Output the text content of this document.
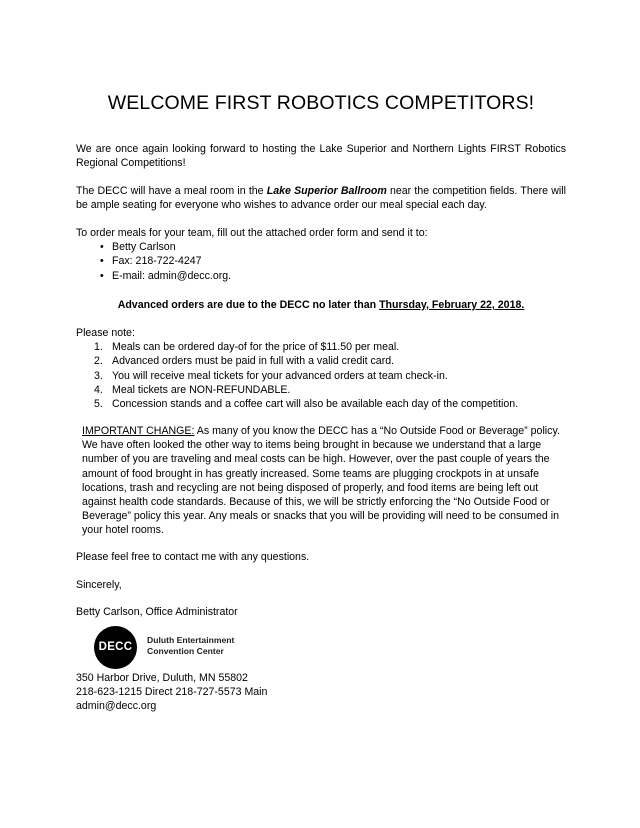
WELCOME FIRST ROBOTICS COMPETITORS!
We are once again looking forward to hosting the Lake Superior and Northern Lights FIRST Robotics Regional Competitions!
The DECC will have a meal room in the Lake Superior Ballroom near the competition fields. There will be ample seating for everyone who wishes to advance order our meal special each day.
To order meals for your team, fill out the attached order form and send it to:
• Betty Carlson
• Fax: 218-722-4247
• E-mail: admin@decc.org.
Advanced orders are due to the DECC no later than Thursday, February 22, 2018.
Please note:
1. Meals can be ordered day-of for the price of $11.50 per meal.
2. Advanced orders must be paid in full with a valid credit card.
3. You will receive meal tickets for your advanced orders at team check-in.
4. Meal tickets are NON-REFUNDABLE.
5. Concession stands and a coffee cart will also be available each day of the competition.
IMPORTANT CHANGE: As many of you know the DECC has a “No Outside Food or Beverage” policy. We have often looked the other way to items being brought in because we understand that a large number of you are traveling and meal costs can be high. However, over the past couple of years the amount of food brought in has greatly increased. Some teams are plugging crockpots in at unsafe locations, trash and recycling are not being disposed of properly, and food items are being left out against health code standards. Because of this, we will be strictly enforcing the “No Outside Food or Beverage” policy this year. Any meals or snacks that you will be providing will need to be consumed in your hotel rooms.
Please feel free to contact me with any questions.
Sincerely,
Betty Carlson, Office Administrator
DECC
Duluth Entertainment
Convention Center
350 Harbor Drive, Duluth, MN 55802
218-623-1215 Direct 218-727-5573 Main
admin@decc.org
